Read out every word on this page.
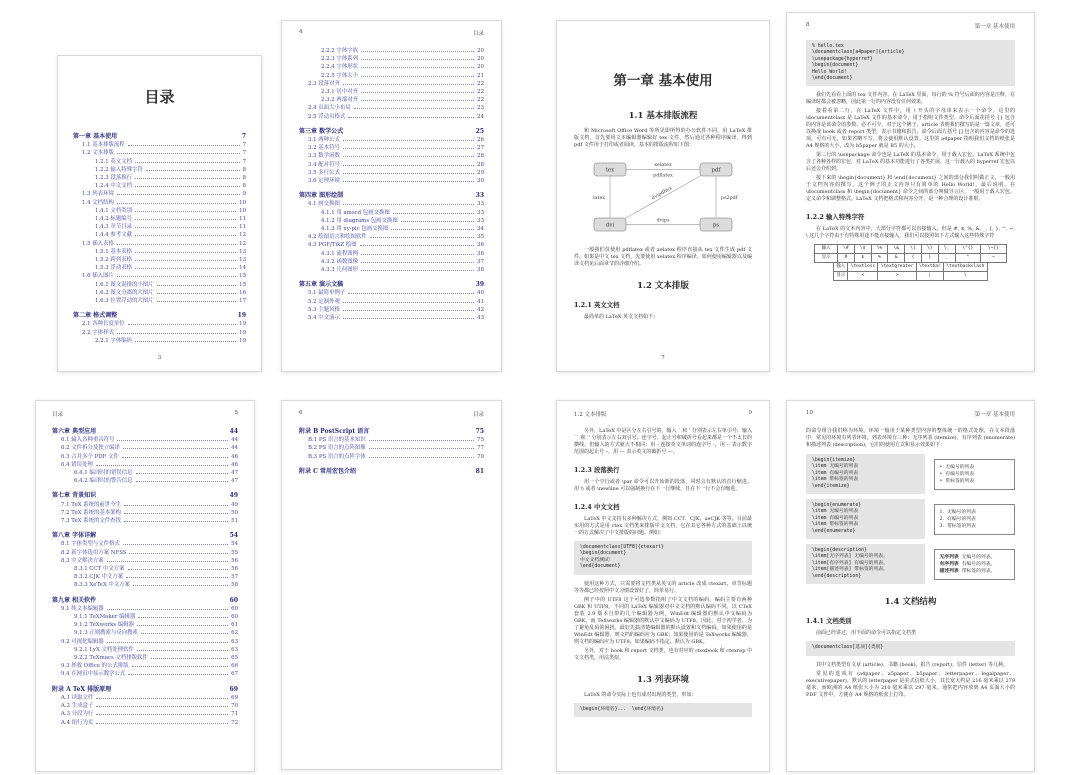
目录
第一章 基本使用	7
1.1 基本排版流程	7
1.2 文本排版	7
1.2.1 英文文档	7
1.2.2 输入特殊字符	8
1.2.3 段落换行	8
1.2.4 中文文档	8
1.3 列表环境	9
1.4 文档结构	10
1.4.1 文档类别	10
1.4.2 标题编号	11
1.4.3 章节目录	11
1.4.4 参考文献	12
1.5 插入表格	12
1.5.1 基本表格	13
1.5.2 跨列表格	13
1.5.3 浮动表格	14
1.6 插入图片	15
1.6.1 图文混排的小图片	15
1.6.2 图文分离的大图片	16
1.6.3 位置浮动的大图片	17
第二章 格式调整	19
2.1 各种长度单位	19
2.2 字体样式	19
2.2.1 字体编码	19
3
4	目录
2.2.2 字体字族	20
2.2.3 字体系列	20
2.2.4 字体形状	20
2.2.5 字体大小	21
2.3 段落对齐	22
2.3.1 居中对齐	22
2.3.2 两端对齐	22
2.4 页面大小布局	23
2.5 浮动页格式	24
第三章 数学公式	25
3.1 两种公式	26
3.2 基本符号	27
3.3 数学函数	28
3.4 配对符号	28
3.5 多行公式	29
3.6 定理环境	30
第四章 图形绘制	33
4.1 画交换图	33
4.1.1 用 amscd 包画交换图	33
4.1.2 用 diagrams 包画交换图	33
4.1.3 用 xy-pic 包画交换图	34
4.2 绘图语言和绘图软件	35
4.3 PGF/TikZ 绘图	36
4.3.1 流程图例	36
4.3.2 函数图像	37
4.3.3 几何图形	38
第五章 演示文稿	39
5.1 最简单例子	40
5.2 定制外观	41
5.3 主题风格	42
5.4 中文演示	43
目录	5
第六章 典型应用	44
6.1 输入各种重音符号	44
6.2 文件拆分及独立编译	44
6.3 合并多个 PDF 文件	46
6.4 错误处理	46
6.4.1 编译时的错误信息	47
6.4.2 编译时的警告信息	47
第七章 背景知识	49
7.1 TeX 系统的前世今生	49
7.2 TeX 系统的基本架构	50
7.3 TeX 系统的文件查找	51
第八章 字体详解	54
8.1 字体类型与文件格式	54
8.2 新字体选用方案 NFSS	55
8.3 中文解决方案	56
8.3.1 CCT 中文方案	56
8.3.2 CJK 中文方案	57
8.3.3 XeTeX 中文方案	58
第九章 相关软件	60
9.1 纯文本编辑器	60
9.1.1 TeXMaker 编辑器	60
9.1.2 TeXworks 编辑器	61
9.1.3 正则搜索与反向搜索	62
9.2 可视化编辑器	63
9.2.1 LyX 文档处理软件	63
9.2.2 TeXmacs 文档排版软件	65
9.3 拯救 Office 的公式排版	66
9.4 在网页中显示数学公式	67
附录 A TeX 排版原理	69
A.1 读取文件	69
A.2 生成盒子	70
A.3 分段为行	71
A.4 组行为页	72
6	目录
附录 B PostScript 语言	75
B.1 PS 语言的基本知识	75
B.2 PS 语言的点阵图像	77
B.3 PS 语言的点阵字体	79
附录 C 常用宏包介绍	81
第一章 基本使用
1.1 基本排版流程

和 Microsoft Office Word 等所见即所得的办公软件不同，用 LaTeX 排版文档，首先要用文本编辑器编辑好 tex 文件，然后通过各种程序编译，得到 pdf 文件用于打印或者阅读，基本的排版流程如下图：

tex	pdf
dvi	ps
xelatex
pdflatex
latex	ps2pdf
dvips
dvipdfmx

一般我们仅使用 pdflatex 或者 xelatex 程序直接从 tex 文件生成 pdf 文件。如果是中文 tex 文档，先要使用 xelatex 程序编译。如何使用编辑器以及编译文档见后面章节的详细介绍。

1.2 文本排版
1.2.1 英文文档

最简单的 LaTeX 英文文档如下：

7
8	第一章 基本使用
% hello.tex
\documentclass[a4paper]{article}
\usepackage{hyperref}
\begin{document}
Hello World!
\end{document}

我们先看看上面的 tex 文件内容。在 LaTeX 里面，每行的 % 符号后面的内容是注释，在编译时都会被忽略，因此第一行的内容没有任何效果。

接着看第二行，在 LaTeX 文件中，用 \ 开头的字母串来表示一个命令。这里的 \documentclass 是 LaTeX 文件的基本命令，用于指明文件类型。命令后面花括号 {} 包含的内容是该命令的参数，必不可少。对于这个例子，article 表明我们撰写的是一篇文章，还可以换成 book 或者 report 类型，表示书籍和报告。命令后面方括号 [] 包含的内容是命令的选项，可有可无，如果省略不写，将会使用默认设置。这里的 a4paper 指明我们文档的纸张是 A4 规格的大小，改为 b5paper 就是 B5 的大小。

第三行的 \usepackage 命令也是 LaTeX 的基本命令，用于载入宏包。LaTeX 系统中包含了各种各样的宏包，对 LaTeX 的基本功能进行了各类扩展，这一行载入的 hyperref 宏包以后还会介绍到。

接下来的 \begin{document} 和 \end{document} 之间的部分我们叫做正文，一般用于文档内容的撰写，这个例子的正文内容只有简单的 Hello World!。最后说明，在 \documentclass 和 \begin{document} 命令之间的部分叫做导言区，一般用于载入宏包、定义命令和调整格式。LaTeX 文档把格式和内容分开，是一种合理的设计准则。

1.2.2 输入特殊字符

在 LaTeX 的文本内容中，大部分字符都可以直接输入，但是 #, $, %, &, _, {, }, ^, ~, \ 这几个字符由于有特殊用途不能直接输入，我们可以按照如下方式输入这些特殊字符

输入	\#	\$	\%	\&	\{	\}	\_	\^{}	\~{}
显示	#	$	%	&	{	}	_	^	~
输入	\textless	\textgreater	\textbar	\textbackslash
显示	<	>	|	\
1.2 文本排版	9

另外，LaTeX 中是区分左右引号的，输入 ` 和 ' 分别表示左右单引号，输入 `` 和 '' 分别表示左右双引号。连字号、起止号和破折号看起来都是一个不太长的横线，但输入的方式就大不相同：用 - 连接英文单词的连字号 -，用 -- 表示数字范围的起止号 –，用 --- 表示英文的破折号 —。

1.2.3 段落换行

用一个空行或者 \par 命令可以开始新的段落，同时会有默认的首行缩进。用 \\ 或者 \newline 可以强制换行在下一行继续，且在下一行不会有缩进。

1.2.4 中文文档

LaTeX 中文支持有多种解决方式，例如 CCT、CJK、xeCJK 等等。目前最实用的方式是用 ctex 文档类来排版中文文档，它在其它各种方式的基础上以统一的方式解决了中文排版的问题。例如：

\documentclass[UTF8]{ctexart}
\begin{document}
中文文档测试！
\end{document}

使用这种方式，只需要将文档类从英文的 article 改成 ctexart，章节标题等等都已经按照中文习惯设置好了，简单易行。

例子中的 UTF8 这个可选参数指明了中文文档的编码，编码主要有两种 GBK 和 UTF8。不同的 LaTeX 编辑器对中文文档的默认编码不同。以 CTeX 套装 2.9 版本自带的几个编辑器为例，WinEdt 编辑器的默认中文编码为 GBK，而 TeXworks 编辑器的默认中文编码为 UTF8。因此，对于初学者，为了避免乱码的困扰，最好先搞清楚编辑器的默认设置和文档编码。如果使用的是 WinEdt 编辑器，则文档的编码应为 GBK；如果使用的是 TeXworks 编辑器，则文档的编码应为 UTF8。如果编码不指定，默认为 GBK。

另外，对于 book 和 report 文档类，也有对应的 ctexbook 和 ctexrep 中文文档类，用法类似。

1.3 列表环境

LaTeX 的命令实际上也有成对出现的类型，形如：

\begin{环境名}...  \end{环境名}
10	第一章 基本使用

的命令组合我们称为环境。环境一般用于某种类型内容的整体统一的格式处理，在文本段落中，常见的环境有列表环境。列表环境有三种：无序列表 (itemize)、有序列表 (enumerate) 和描述列表 (description)，它们的使用方式和显示效果如下：

\begin{itemize}
\item 无编号的列表
\item 有编号的列表
\item 带标签的列表
\end{itemize}
• 无编号的列表
• 有编号的列表
• 带标签的列表
\begin{enumerate}
\item 无编号的列表
\item 有编号的列表
\item 带标签的列表
\end{enumerate}
1. 无编号的列表
2. 有编号的列表
3. 带标签的列表
\begin{description}
\item[无序列表] 无编号的列表。
\item[有序列表] 有编号的列表。
\item[描述列表] 带标签的列表。
\end{description}
无序列表 无编号的列表。
有序列表 有编号的列表。
描述列表 带标签的列表。
1.4 文档结构
1.4.1 文档类别

前面已经讲过，用下面的命令可以指定文档类

\documentclass[选项]{类别}

其中文档类型有文章 (article)、书籍 (book)、报告 (report)、信件 (letter) 等几种。

常见的选项有 (a4paper、a5paper、b5paper、letterpaper、legalpaper、executivepaper)。默认的 letterpaper 是美式信纸大小，其长宽大约是 216 毫米乘以 279 毫米，而欧洲的 A4 纸张大小为 210 毫米乘以 297 毫米。通常把内容放到 A4 页面大小的 PDF 文件中，方便在 A4 规格的纸张上打印。
